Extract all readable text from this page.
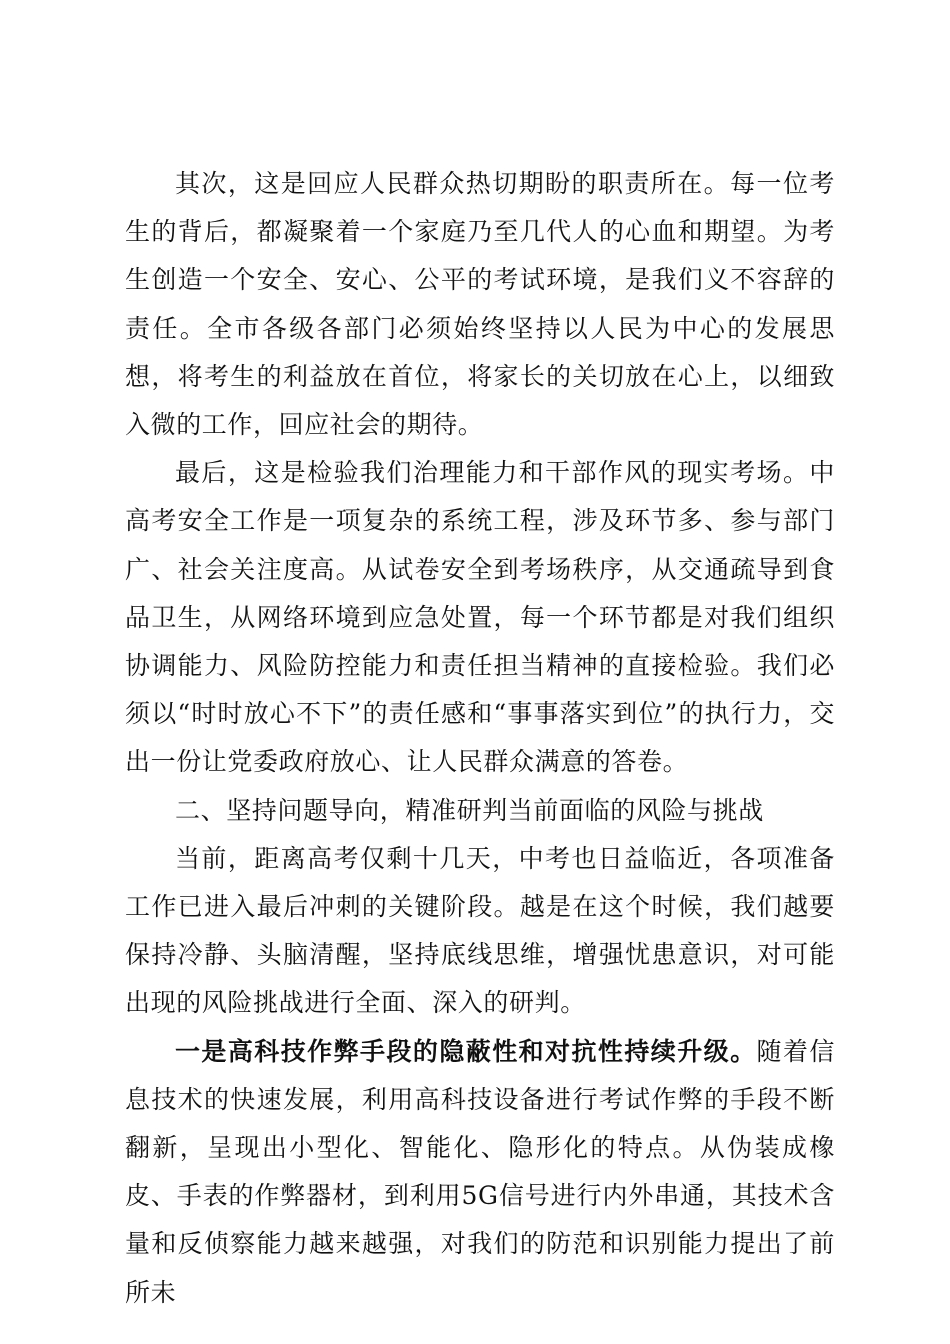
其次，这是回应人民群众热切期盼的职责所在。每一位考生的背后，都凝聚着一个家庭乃至几代人的心血和期望。为考生创造一个安全、安心、公平的考试环境，是我们义不容辞的责任。全市各级各部门必须始终坚持以人民为中心的发展思想，将考生的利益放在首位，将家长的关切放在心上，以细致入微的工作，回应社会的期待。

最后，这是检验我们治理能力和干部作风的现实考场。中高考安全工作是一项复杂的系统工程，涉及环节多、参与部门广、社会关注度高。从试卷安全到考场秩序，从交通疏导到食品卫生，从网络环境到应急处置，每一个环节都是对我们组织协调能力、风险防控能力和责任担当精神的直接检验。我们必须以“时时放心不下”的责任感和“事事落实到位”的执行力，交出一份让党委政府放心、让人民群众满意的答卷。

二、坚持问题导向，精准研判当前面临的风险与挑战

当前，距离高考仅剩十几天，中考也日益临近，各项准备工作已进入最后冲刺的关键阶段。越是在这个时候，我们越要保持冷静、头脑清醒，坚持底线思维，增强忧患意识，对可能出现的风险挑战进行全面、深入的研判。

一是高科技作弊手段的隐蔽性和对抗性持续升级。随着信息技术的快速发展，利用高科技设备进行考试作弊的手段不断翻新，呈现出小型化、智能化、隐形化的特点。从伪装成橡皮、手表的作弊器材，到利用5G信号进行内外串通，其技术含量和反侦察能力越来越强，对我们的防范和识别能力提出了前所未
